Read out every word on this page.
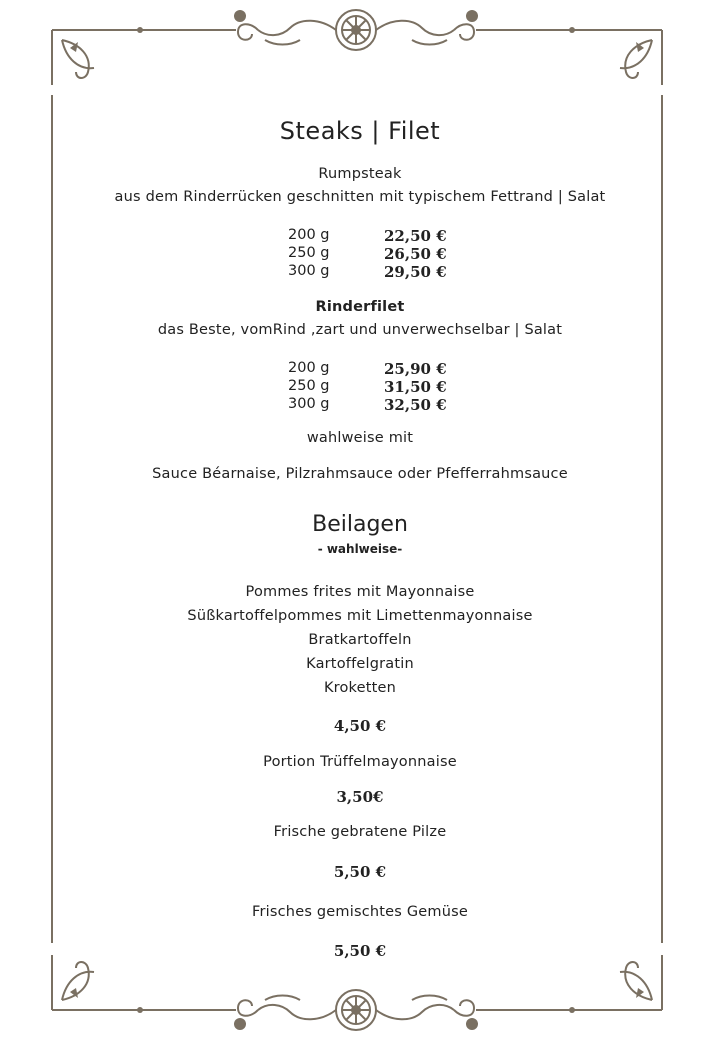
Steaks | Filet
Rumpsteak
aus dem Rinderrücken geschnitten mit typischem Fettrand | Salat
200 g	22,50 €
250 g	26,50 €
300 g	29,50 €
Rinderfilet
das Beste, vomRind ,zart und unverwechselbar | Salat
200 g	25,90 €
250 g	31,50 €
300 g	32,50 €
wahlweise mit
Sauce Béarnaise, Pilzrahmsauce oder Pfefferrahmsauce
Beilagen
- wahlweise-
Pommes frites mit Mayonnaise
Süßkartoffelpommes mit Limettenmayonnaise
Bratkartoffeln
Kartoffelgratin
Kroketten
4,50 €
Portion Trüffelmayonnaise
3,50€
Frische gebratene Pilze
5,50 €
Frisches gemischtes Gemüse
5,50 €
